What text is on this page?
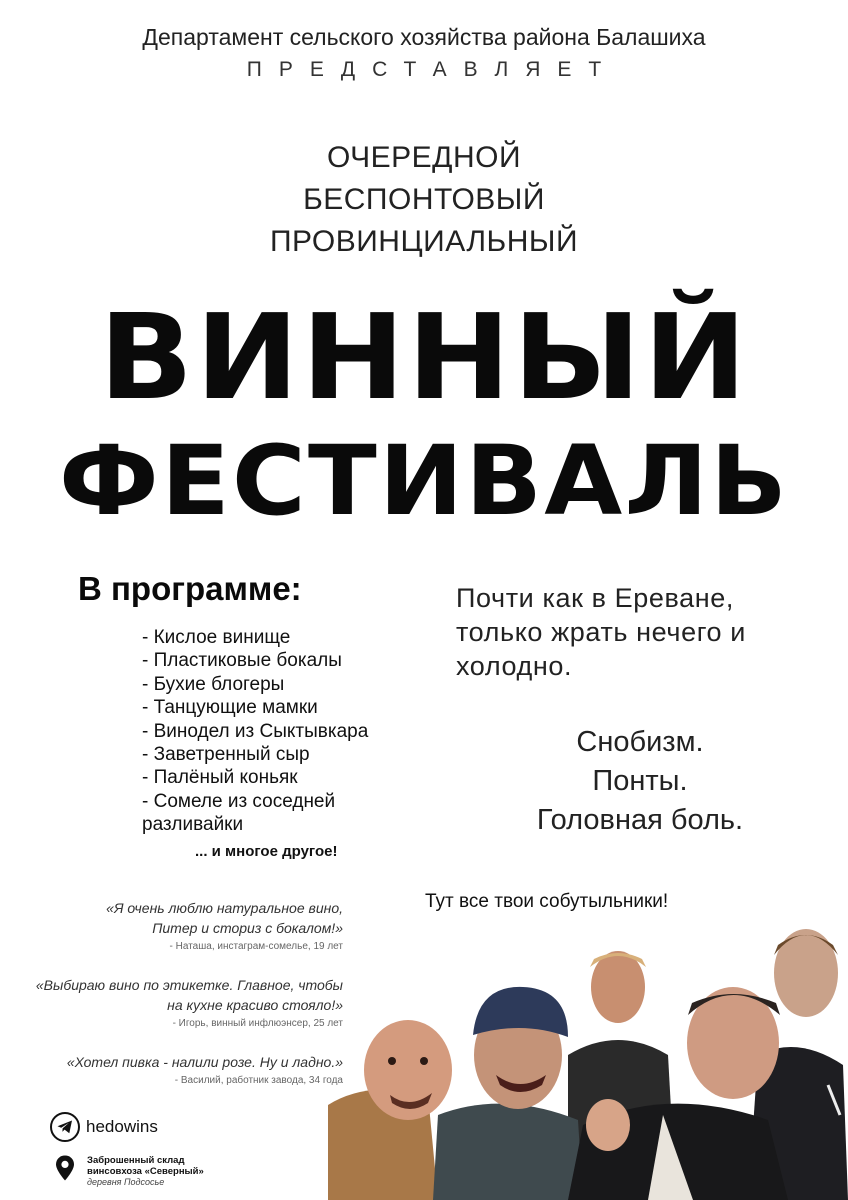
Департамент сельского хозяйства района Балашиха
ПРЕДСТАВЛЯЕТ
ОЧЕРЕДНОЙ
БЕСПОНТОВЫЙ
ПРОВИНЦИАЛЬНЫЙ
ВИННЫЙ
ФЕСТИВАЛЬ
В программе:
- Кислое винище
- Пластиковые бокалы
- Бухие блогеры
- Танцующие мамки
- Винодел из Сыктывкара
- Заветренный сыр
- Палёный коньяк
- Сомеле из соседней разливайки
... и многое другое!
Почти как в Ереване, только жрать нечего и холодно.
Снобизм.
Понты.
Головная боль.
Тут все твои собутыльники!
«Я очень люблю натуральное вино,
Питер и сториз с бокалом!»
- Наташа, инстаграм-сомелье, 19 лет
«Выбираю вино по этикетке. Главное, чтобы
на кухне красиво стояло!»
- Игорь, винный инфлюэнсер, 25 лет
«Хотел пивка - налили розе. Ну и ладно.»
- Василий, работник завода, 34 года
hedowins
Заброшенный склад
винсовхоза «Северный»
деревня Подсосье
